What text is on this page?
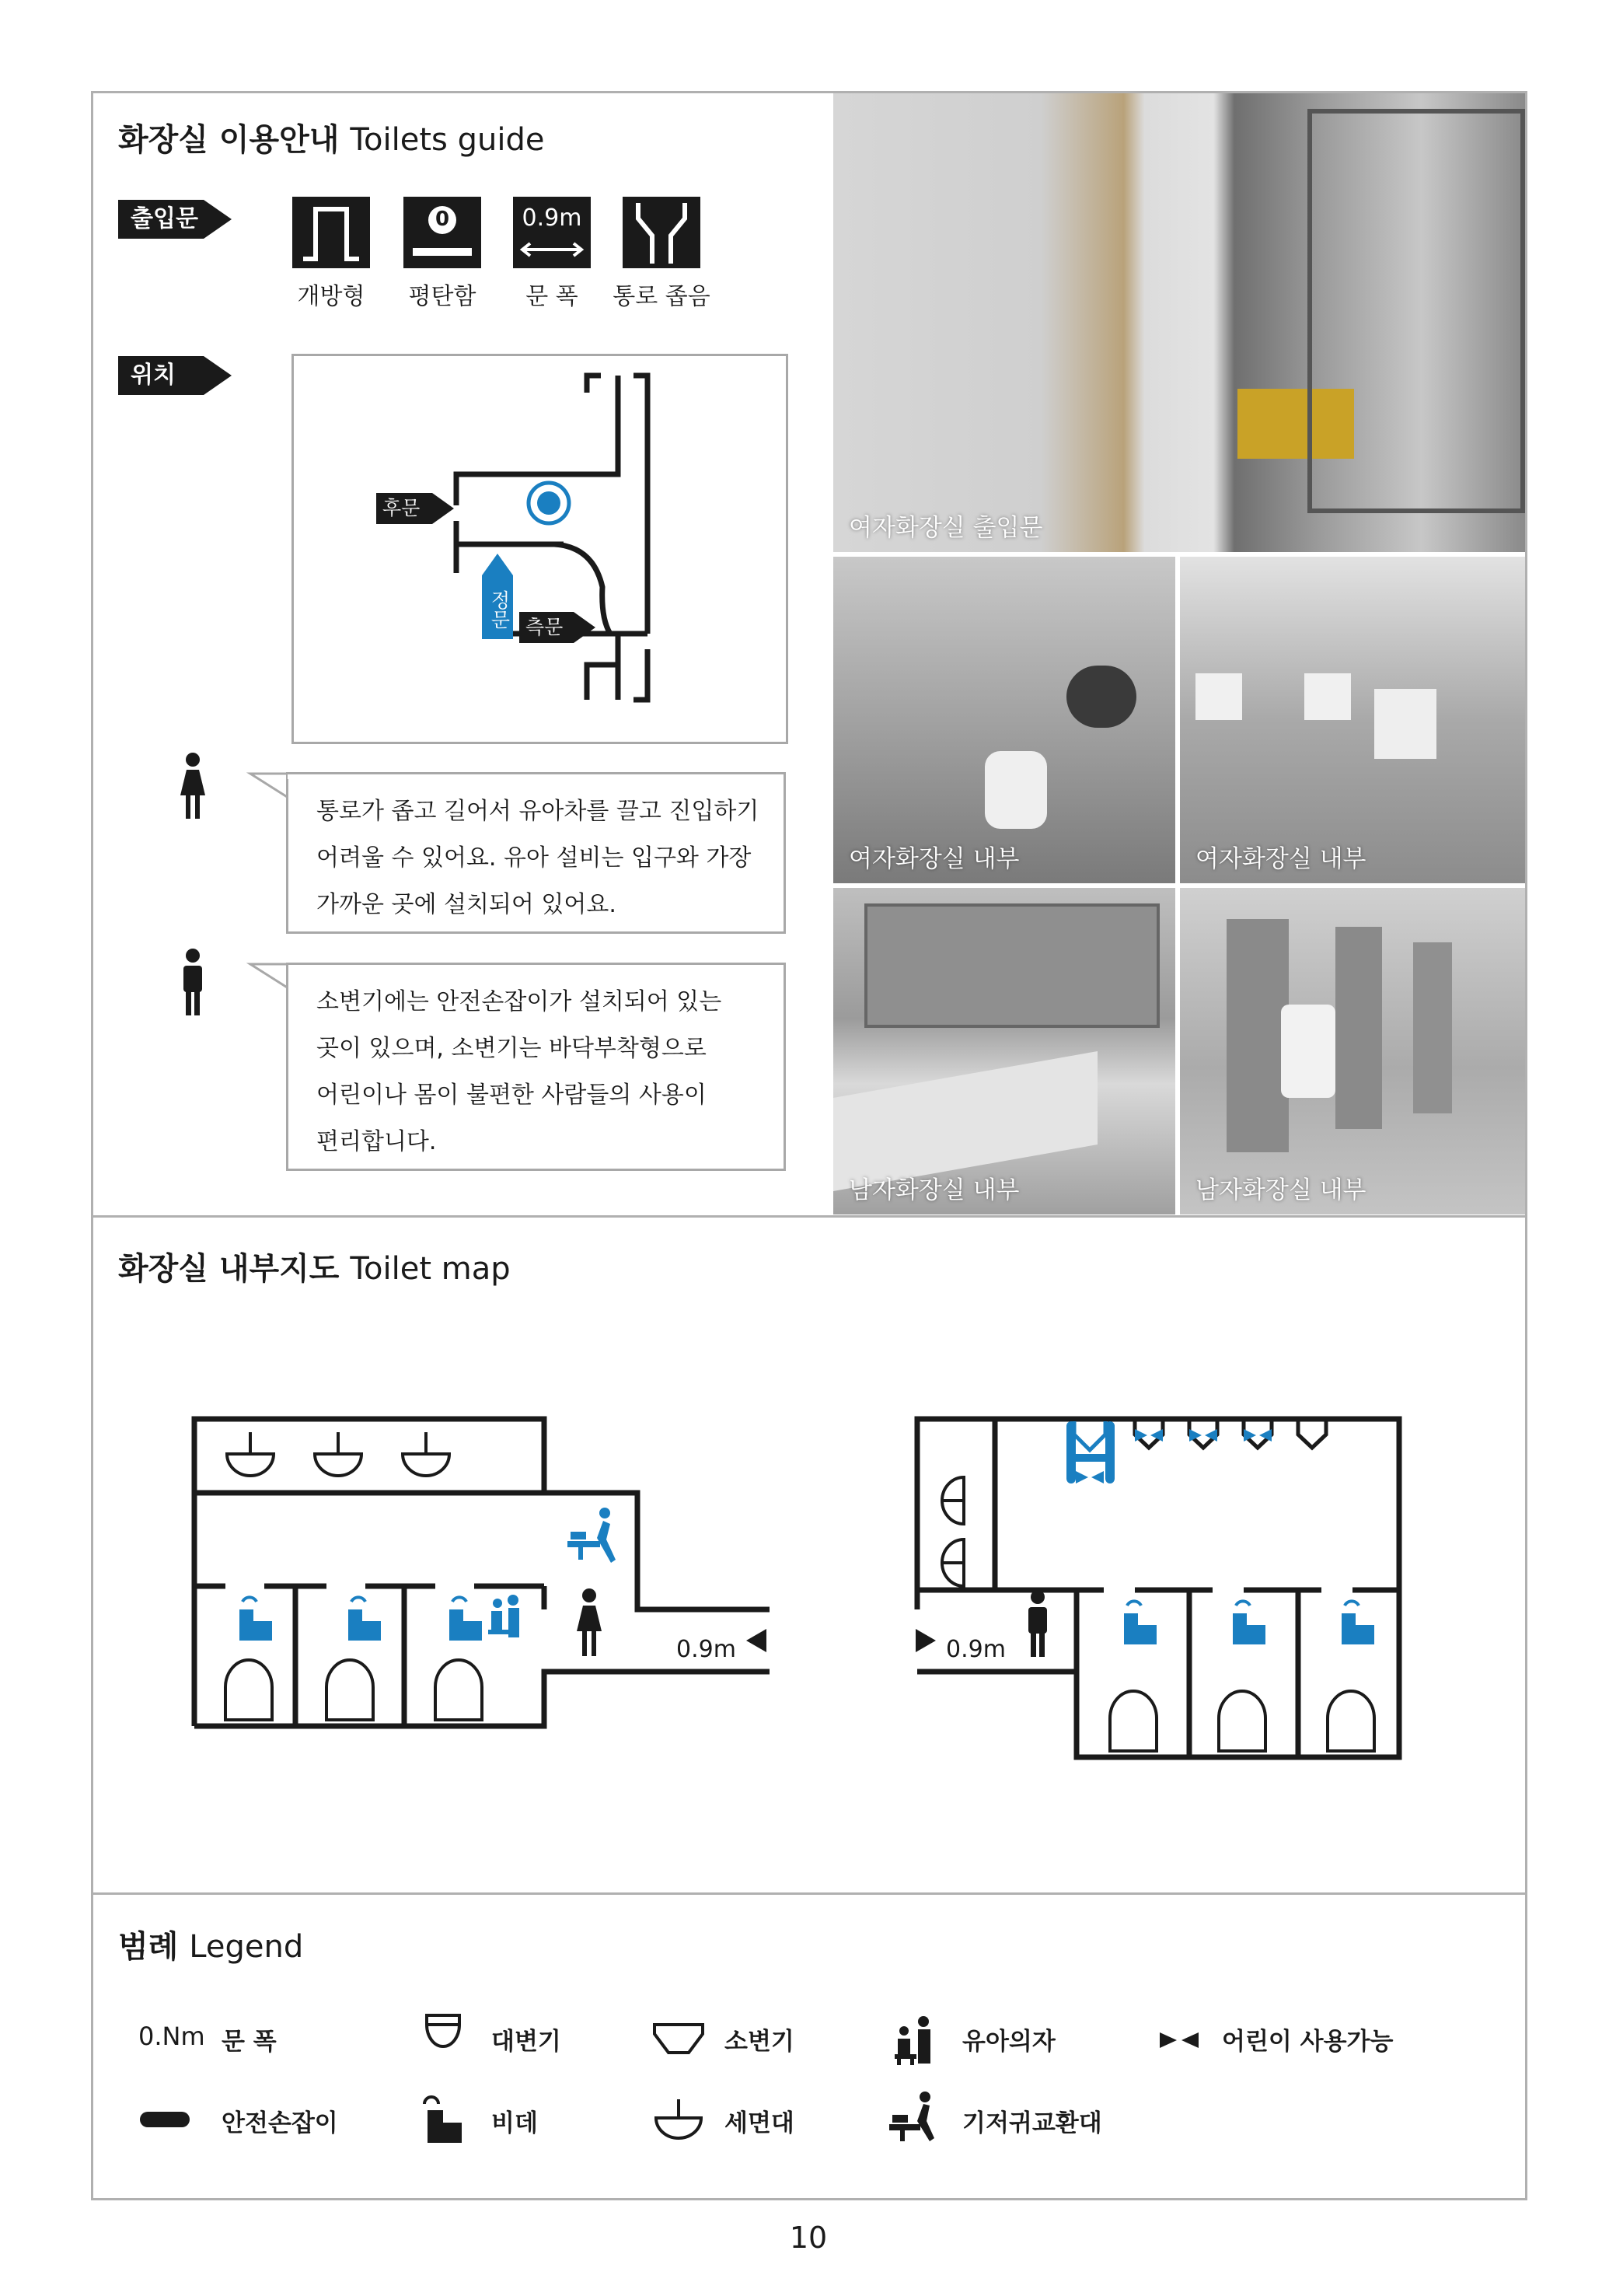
화장실 이용안내 Toilets guide
출입문	0	0.9m
개방형	평탄함	문 폭	통로 좁음
위치
후문
정문 측문
통로가 좁고 길어서 유아차를 끌고 진입하기
어려울 수 있어요. 유아 설비는 입구와 가장
가까운 곳에 설치되어 있어요.
소변기에는 안전손잡이가 설치되어 있는
곳이 있으며, 소변기는 바닥부착형으로
어린이나 몸이 불편한 사람들의 사용이
편리합니다.
여자화장실 출입문
여자화장실 내부	여자화장실 내부
남자화장실 내부	남자화장실 내부
화장실 내부지도 Toilet map
0.9m	0.9m
범례 Legend
0.Nm 문 폭	대변기	소변기	유아의자	어린이 사용가능
안전손잡이	비데	세면대	기저귀교환대
10
